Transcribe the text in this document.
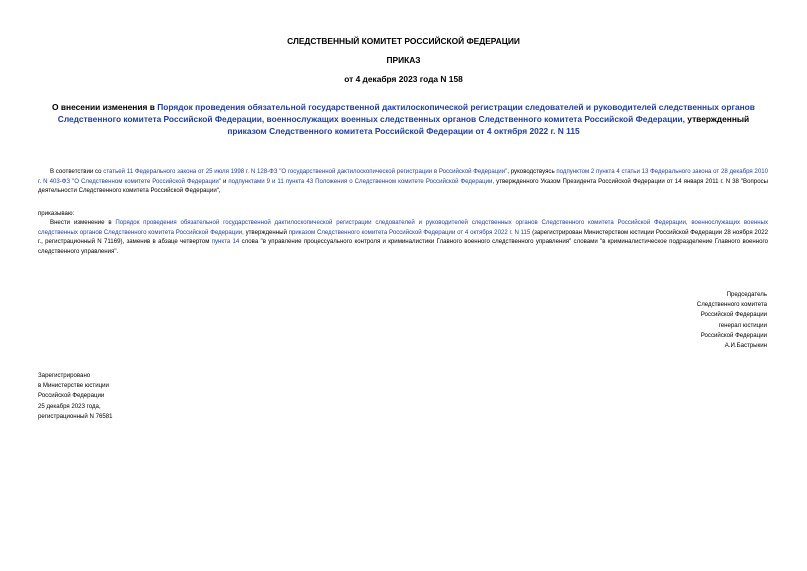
СЛЕДСТВЕННЫЙ КОМИТЕТ РОССИЙСКОЙ ФЕДЕРАЦИИ
ПРИКАЗ
от 4 декабря 2023 года N 158
О внесении изменения в Порядок проведения обязательной государственной дактилоскопической регистрации следователей и руководителей следственных органов Следственного комитета Российской Федерации, военнослужащих военных следственных органов Следственного комитета Российской Федерации, утвержденный приказом Следственного комитета Российской Федерации от 4 октября 2022 г. N 115
В соответствии со статьей 11 Федерального закона от 25 июля 1998 г. N 128-ФЗ "О государственной дактилоскопической регистрации в Российской Федерации", руководствуясь подпунктом 2 пункта 4 статьи 13 Федерального закона от 28 декабря 2010 г. N 403-ФЗ "О Следственном комитете Российской Федерации" и подпунктами 9 и 11 пункта 43 Положения о Следственном комитете Российской Федерации, утвержденного Указом Президента Российской Федерации от 14 января 2011 г. N 38 "Вопросы деятельности Следственного комитета Российской Федерации",
приказываю:
Внести изменение в Порядок проведения обязательной государственной дактилоскопической регистрации следователей и руководителей следственных органов Следственного комитета Российской Федерации, военнослужащих военных следственных органов Следственного комитета Российской Федерации, утвержденный приказом Следственного комитета Российской Федерации от 4 октября 2022 г. N 115 (зарегистрирован Министерством юстиции Российской Федерации 28 ноября 2022 г., регистрационный N 71169), заменив в абзаце четвертом пункта 14 слова "в управление процессуального контроля и криминалистики Главного военного следственного управления" словами "в криминалистическое подразделение Главного военного следственного управления".
Председатель
Следственного комитета
Российской Федерации
генерал юстиции
Российской Федерации
А.И.Бастрыкин
Зарегистрировано
в Министерстве юстиции
Российской Федерации
25 декабря 2023 года,
регистрационный N 76581
